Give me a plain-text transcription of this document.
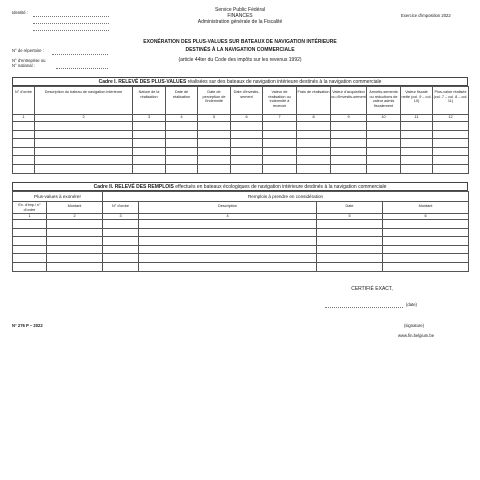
Identité :	Service Public Fédéral
FINANCES
Administration générale de la Fiscalité
Exercice d'imposition 2022
N° de répertoire :
N° d'entreprise ou
N° national :
EXONÉRATION DES PLUS-VALUES SUR BATEAUX DE NAVIGATION INTÉRIEURE
DESTINÉS À LA NAVIGATION COMMERCIALE
(article 44ter du Code des impôts sur les revenus 1992)
Cadre I. RELEVÉ DES PLUS-VALUES réalisées sur des bateaux de navigation intérieure destinés à la navigation commerciale
N° d'ordre	Description du bateau de navigation intérieure	Nature de la réalisation	Date de réalisation	Date de perception de l'indemnité	Date d'investis-sement	Valeur de réalisation ou indemnité à recevoir	Frais de réalisation	Valeur d'acquisition ou d'investis-sement	Amortis-sements ou réductions de valeur admis fiscalement	Valeur fiscale nette (col. 9 – col. 10)	Plus-value réalisée (col. 7 – col. 8 – col. 11)
1	2	3	4	5	6	7	8	9	10	11	12

Cadre II. RELEVÉ DES REMPLOIS effectués en bateaux écologiques de navigation intérieure destinés à la navigation commerciale
Plus-values à exonérer		Remplois à prendre en considération			
Ex. d'imp./ n° d'ordre	Montant	N° d'ordre	Description	Date	Montant
1	2	3	4	5	6

CERTIFIÉ EXACT,
(date)
N° 276 P – 2022	(signature)
www.fin.belgium.be
